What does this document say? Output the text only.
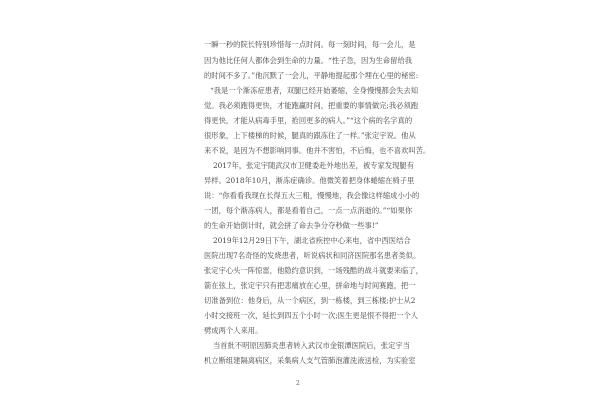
一瞬一秒的院长特别珍惜每一点时间。每一刻时间，每一会儿，是
因为他比任何人都体会到生命的力量。“性子急，因为生命留给我
的时间不多了。”他沉默了一会儿，平静地提起那个埋在心里的秘密:
“我是一个渐冻症患者，双腿已经开始萎缩，全身慢慢都会失去知
觉。我必须跑得更快，才能跑赢时间，把重要的事情做完;我必须跑
得更快，才能从病毒手里，抢回更多的病人。”“这个病的名字真的
很形象，上下楼梯的时候，腿真的跟冻住了一样。”张定宇说。他从
来不说，是因为不想影响同事。他并不害怕，不后悔，也不喜欢叫苦。
2017年，张定宇随武汉市卫健委赴外地出差，被专家发现腿有
异样。2018年10月，渐冻症确诊。他微笑着把身体蜷缩在椅子里
说：“你看看我现在长得五大三粗，慢慢地，我会像这样缩成小小的
一团，每个渐冻病人，都是看着自己，一点一点消逝的。”“如果你
的生命开始倒计时，就会拼了命去争分夺秒做一些事!”
2019年12月29日下午，湖北省疾控中心来电，省中西医结合
医院出现7名奇怪的发烧患者，听说病状和同济医院那名患者类似。
张定宇心头一阵惊雷，他隐约意识到，一场残酷的战斗就要来临了，
箭在弦上，张定宇只有把悲痛放在心里，拼命地与时间赛跑，把一
切准备到位：他身后，从一个病区，到一栋楼，到三栋楼;护士从2
小时交接班一次，延长到四五个小时一次;医生更是恨不得把一个人
劈成两个人来用。
当首批不明原因肺炎患者转入武汉市金银潭医院后，张定宇当
机立断组建隔离病区，采集病人支气管肺泡灌洗液送检，为实验室
2
